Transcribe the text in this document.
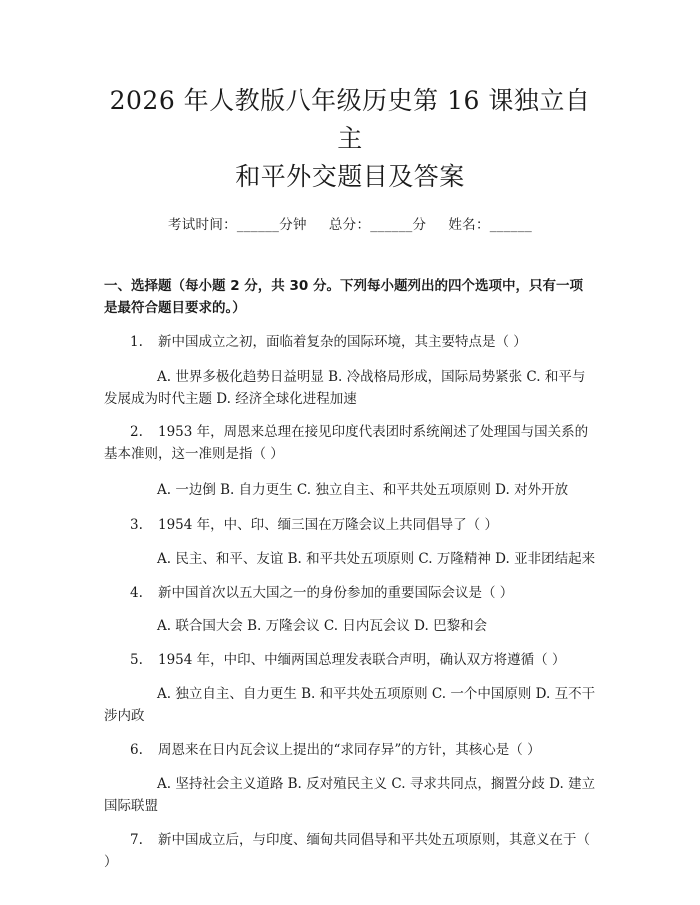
2026 年人教版八年级历史第 16 课独立自主
和平外交题目及答案
考试时间：______分钟 总分：______分 姓名：______
一、选择题（每小题 2 分，共 30 分。下列每小题列出的四个选项中，只有一项是最符合题目要求的。）

1. 新中国成立之初，面临着复杂的国际环境，其主要特点是（ ）

A. 世界多极化趋势日益明显 B. 冷战格局形成，国际局势紧张 C. 和平与发展成为时代主题 D. 经济全球化进程加速

2. 1953 年，周恩来总理在接见印度代表团时系统阐述了处理国与国关系的基本准则，这一准则是指（ ）

A. 一边倒 B. 自力更生 C. 独立自主、和平共处五项原则 D. 对外开放

3. 1954 年，中、印、缅三国在万隆会议上共同倡导了（ ）

A. 民主、和平、友谊 B. 和平共处五项原则 C. 万隆精神 D. 亚非团结起来

4. 新中国首次以五大国之一的身份参加的重要国际会议是（ ）

A. 联合国大会 B. 万隆会议 C. 日内瓦会议 D. 巴黎和会

5. 1954 年，中印、中缅两国总理发表联合声明，确认双方将遵循（ ）

A. 独立自主、自力更生 B. 和平共处五项原则 C. 一个中国原则 D. 互不干涉内政

6. 周恩来在日内瓦会议上提出的“求同存异”的方针，其核心是（ ）

A. 坚持社会主义道路 B. 反对殖民主义 C. 寻求共同点，搁置分歧 D. 建立国际联盟

7. 新中国成立后，与印度、缅甸共同倡导和平共处五项原则，其意义在于（ ）
